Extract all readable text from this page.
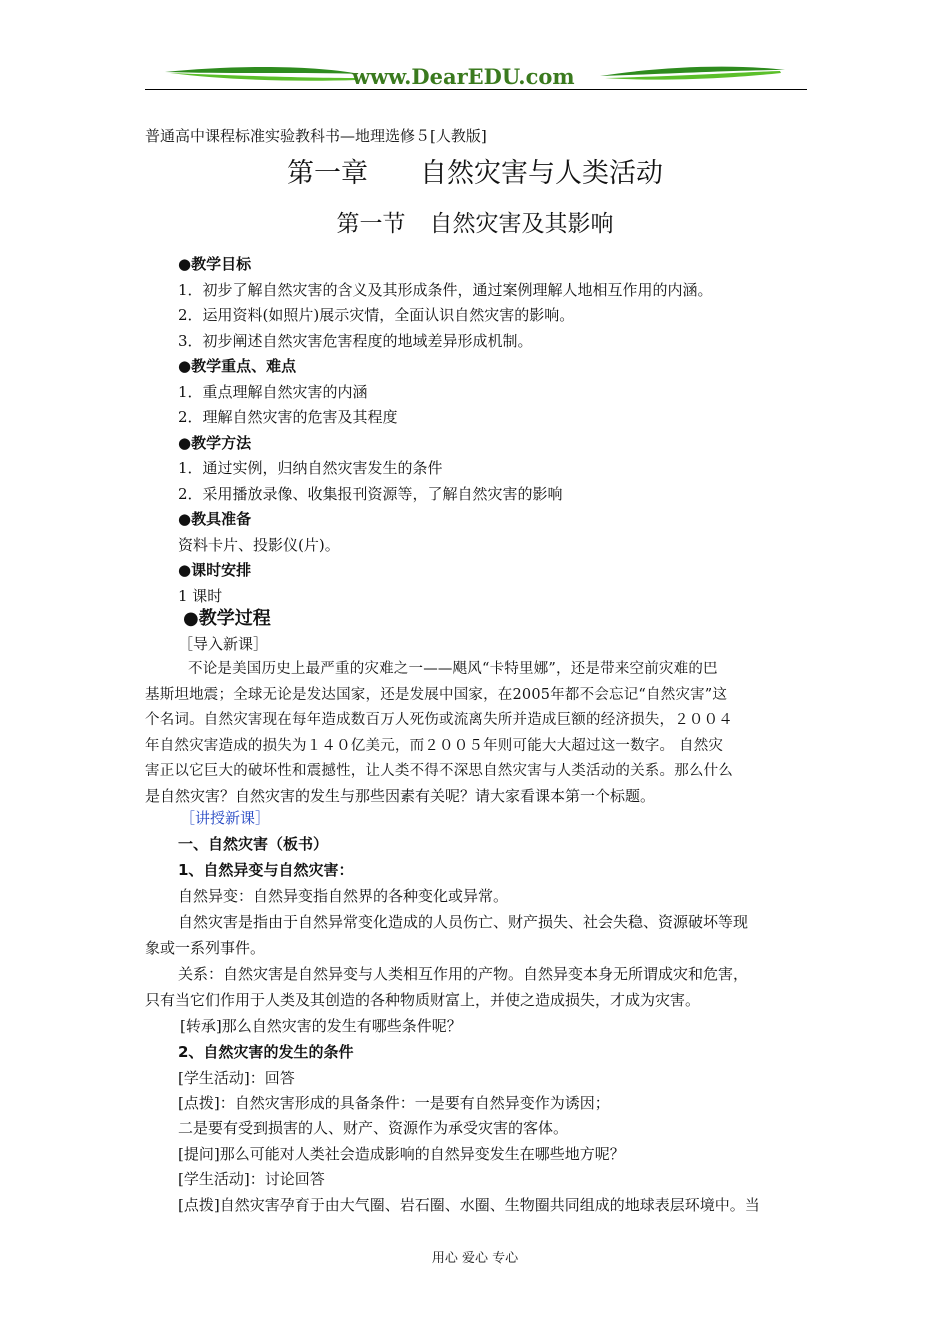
www.DearEDU.com
普通高中课程标准实验教科书—地理选修５[人教版]
第一章 自然灾害与人类活动
第一节 自然灾害及其影响
●教学目标
1．初步了解自然灾害的含义及其形成条件，通过案例理解人地相互作用的内涵。
2．运用资料(如照片)展示灾情，全面认识自然灾害的影响。
3．初步阐述自然灾害危害程度的地域差异形成机制。
●教学重点、难点
1．重点理解自然灾害的内涵
2．理解自然灾害的危害及其程度
●教学方法
1．通过实例，归纳自然灾害发生的条件
2．采用播放录像、收集报刊资源等，了解自然灾害的影响
●教具准备
资料卡片、投影仪(片)。
●课时安排
1 课时
●教学过程
［导入新课］
不论是美国历史上最严重的灾难之一——飓风“卡特里娜”，还是带来空前灾难的巴
基斯坦地震；全球无论是发达国家，还是发展中国家，在2005年都不会忘记“自然灾害”这
个名词。自然灾害现在每年造成数百万人死伤或流离失所并造成巨额的经济损失，２００４
年自然灾害造成的损失为１４０亿美元，而２００５年则可能大大超过这一数字。 自然灾
害正以它巨大的破坏性和震撼性，让人类不得不深思自然灾害与人类活动的关系。那么什么
是自然灾害？自然灾害的发生与那些因素有关呢？请大家看课本第一个标题。
［讲授新课］
一、自然灾害（板书）
1、自然异变与自然灾害：
自然异变：自然异变指自然界的各种变化或异常。
自然灾害是指由于自然异常变化造成的人员伤亡、财产损失、社会失稳、资源破坏等现
象或一系列事件。
关系：自然灾害是自然异变与人类相互作用的产物。自然异变本身无所谓成灾和危害，
只有当它们作用于人类及其创造的各种物质财富上，并使之造成损失，才成为灾害。
[转承]那么自然灾害的发生有哪些条件呢？
2、自然灾害的发生的条件
[学生活动]：回答
[点拨]：自然灾害形成的具备条件：一是要有自然异变作为诱因；
二是要有受到损害的人、财产、资源作为承受灾害的客体。
[提问]那么可能对人类社会造成影响的自然异变发生在哪些地方呢？
[学生活动]：讨论回答
[点拨]自然灾害孕育于由大气圈、岩石圈、水圈、生物圈共同组成的地球表层环境中。当
用心 爱心 专心
